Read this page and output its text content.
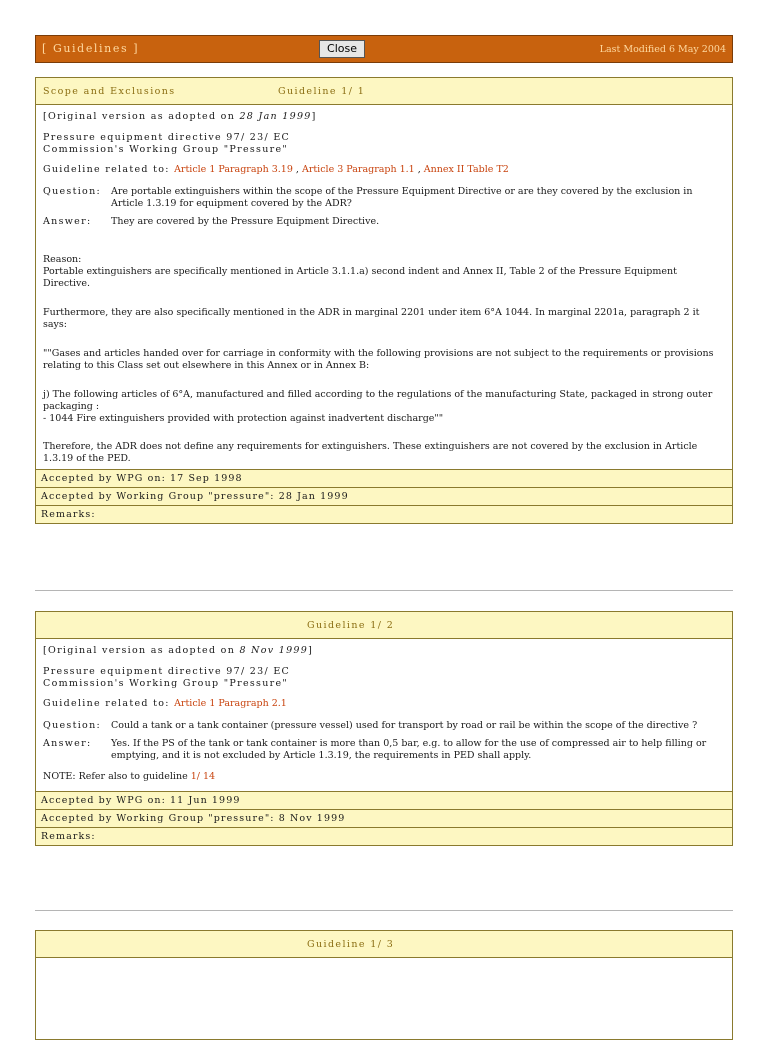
[ Guidelines ]	Close	Last Modified 6 May 2004
Scope and Exclusions	Guideline 1/ 1

[Original version as adopted on 28 Jan 1999]

Pressure equipment directive 97/ 23/ EC

Commission's Working Group "Pressure"

Guideline related to: Article 1 Paragraph 3.19 , Article 3 Paragraph 1.1 , Annex II Table T2

Question:	Are portable extinguishers within the scope of the Pressure Equipment Directive or are they covered by the exclusion in Article 1.3.19 for equipment covered by the ADR?
Answer:	They are covered by the Pressure Equipment Directive.

Reason:

Portable extinguishers are specifically mentioned in Article 3.1.1.a) second indent and Annex II, Table 2 of the Pressure Equipment Directive.

Furthermore, they are also specifically mentioned in the ADR in marginal 2201 under item 6°A 1044. In marginal 2201a, paragraph 2 it says:

""Gases and articles handed over for carriage in conformity with the following provisions are not subject to the requirements or provisions relating to this Class set out elsewhere in this Annex or in Annex B:

j) The following articles of 6°A, manufactured and filled according to the regulations of the manufacturing State, packaged in strong outer packaging :

- 1044 Fire extinguishers provided with protection against inadvertent discharge""

Therefore, the ADR does not define any requirements for extinguishers. These extinguishers are not covered by the exclusion in Article 1.3.19 of the PED.

Accepted by WPG on: 17 Sep 1998
Accepted by Working Group "pressure": 28 Jan 1999
Remarks:
Guideline 1/ 2

[Original version as adopted on 8 Nov 1999]

Pressure equipment directive 97/ 23/ EC

Commission's Working Group "Pressure"

Guideline related to: Article 1 Paragraph 2.1

Question:	Could a tank or a tank container (pressure vessel) used for transport by road or rail be within the scope of the directive ?
Answer:	Yes. If the PS of the tank or tank container is more than 0,5 bar, e.g. to allow for the use of compressed air to help filling or emptying, and it is not excluded by Article 1.3.19, the requirements in PED shall apply.

NOTE: Refer also to guideline 1/ 14

Accepted by WPG on: 11 Jun 1999
Accepted by Working Group "pressure": 8 Nov 1999
Remarks:
Guideline 1/ 3
